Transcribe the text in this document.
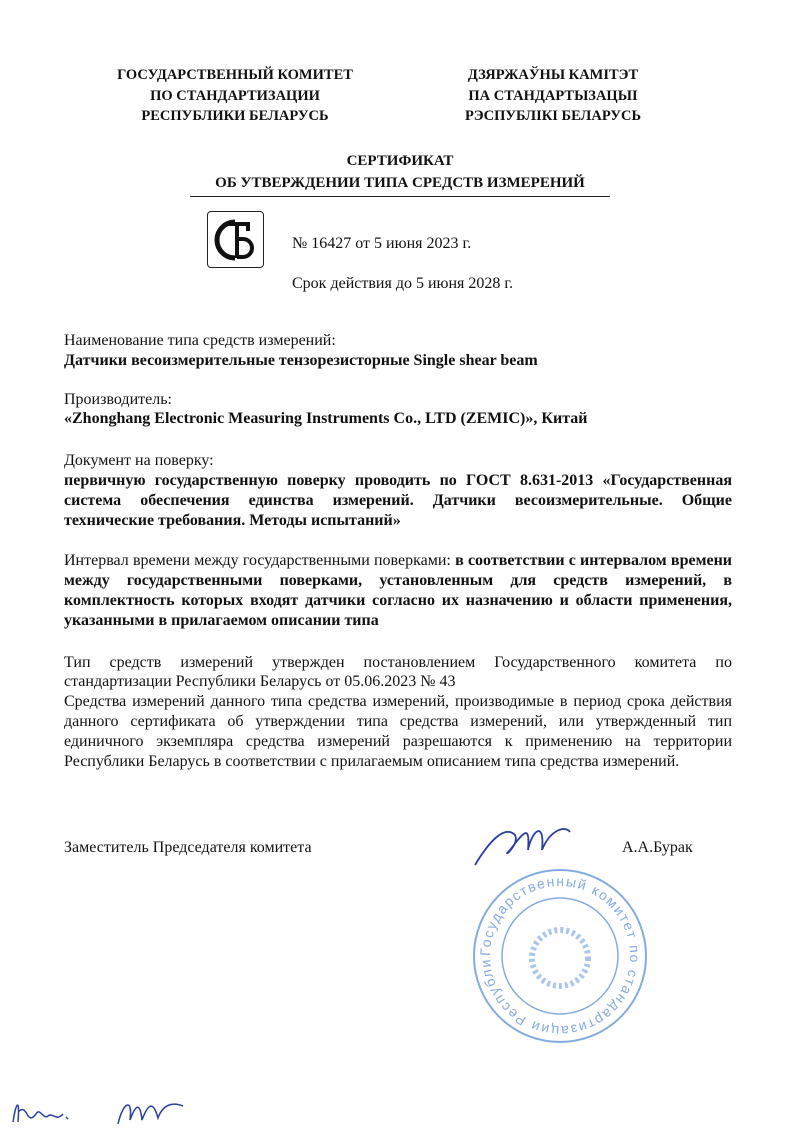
ГОСУДАРСТВЕННЫЙ КОМИТЕТ
ПО СТАНДАРТИЗАЦИИ
РЕСПУБЛИКИ БЕЛАРУСЬ
ДЗЯРЖАЎНЫ КАМІТЭТ
ПА СТАНДАРТЫЗАЦЫІ
РЭСПУБЛІКІ БЕЛАРУСЬ
СЕРТИФИКАТ
ОБ УТВЕРЖДЕНИИ ТИПА СРЕДСТВ ИЗМЕРЕНИЙ
№ 16427 от 5 июня 2023 г.
Срок действия до 5 июня 2028 г.
Наименование типа средств измерений:
Датчики весоизмерительные тензорезисторные Single shear beam
Производитель:
«Zhonghang Electronic Measuring Instruments Co., LTD (ZEMIC)», Китай
Документ на поверку:
первичную государственную поверку проводить по ГОСТ 8.631-2013 «Государственная система обеспечения единства измерений. Датчики весоизмерительные. Общие технические требования. Методы испытаний»
Интервал времени между государственными поверками: в соответствии с интервалом времени между государственными поверками, установленным для средств измерений, в комплектность которых входят датчики согласно их назначению и области применения, указанными в прилагаемом описании типа
Тип средств измерений утвержден постановлением Государственного комитета по стандартизации Республики Беларусь от 05.06.2023 № 43
Средства измерений данного типа средства измерений, производимые в период срока действия данного сертификата об утверждении типа средства измерений, или утвержденный тип единичного экземпляра средства измерений разрешаются к применению на территории Республики Беларусь в соответствии с прилагаемым описанием типа средства измерений.
Государственный комитет по стандартизации Республи
Заместитель Председателя комитета	А.А.Бурак
